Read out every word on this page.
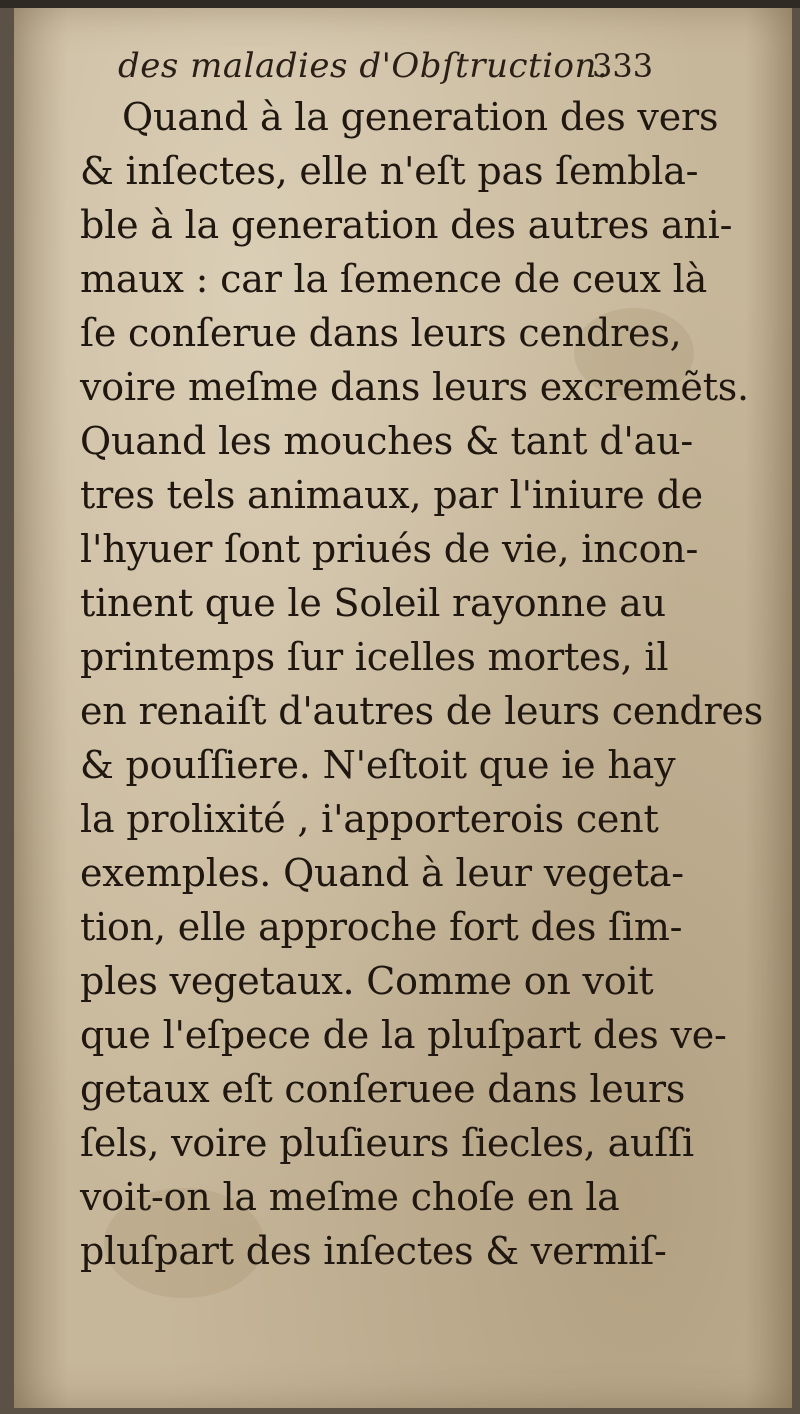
des maladies d'Obſtruction.
333
Quand à la generation des vers
& inſectes, elle n'eſt pas ſembla-
ble à la generation des autres ani-
maux : car la ſemence de ceux là
ſe conſerue dans leurs cendres,
voire meſme dans leurs excremẽts.
Quand les mouches & tant d'au-
tres tels animaux, par l'iniure de
l'hyuer ſont priués de vie, incon-
tinent que le Soleil rayonne au
printemps ſur icelles mortes, il
en renaiſt d'autres de leurs cendres
& pouſſiere. N'eſtoit que ie hay
la prolixité , i'apporterois cent
exemples. Quand à leur vegeta-
tion, elle approche fort des ſim-
ples vegetaux. Comme on voit
que l'eſpece de la pluſpart des ve-
getaux eſt conſeruee dans leurs
ſels, voire pluſieurs ſiecles, auſſi
voit-on la meſme choſe en la
pluſpart des inſectes & vermiſ-
